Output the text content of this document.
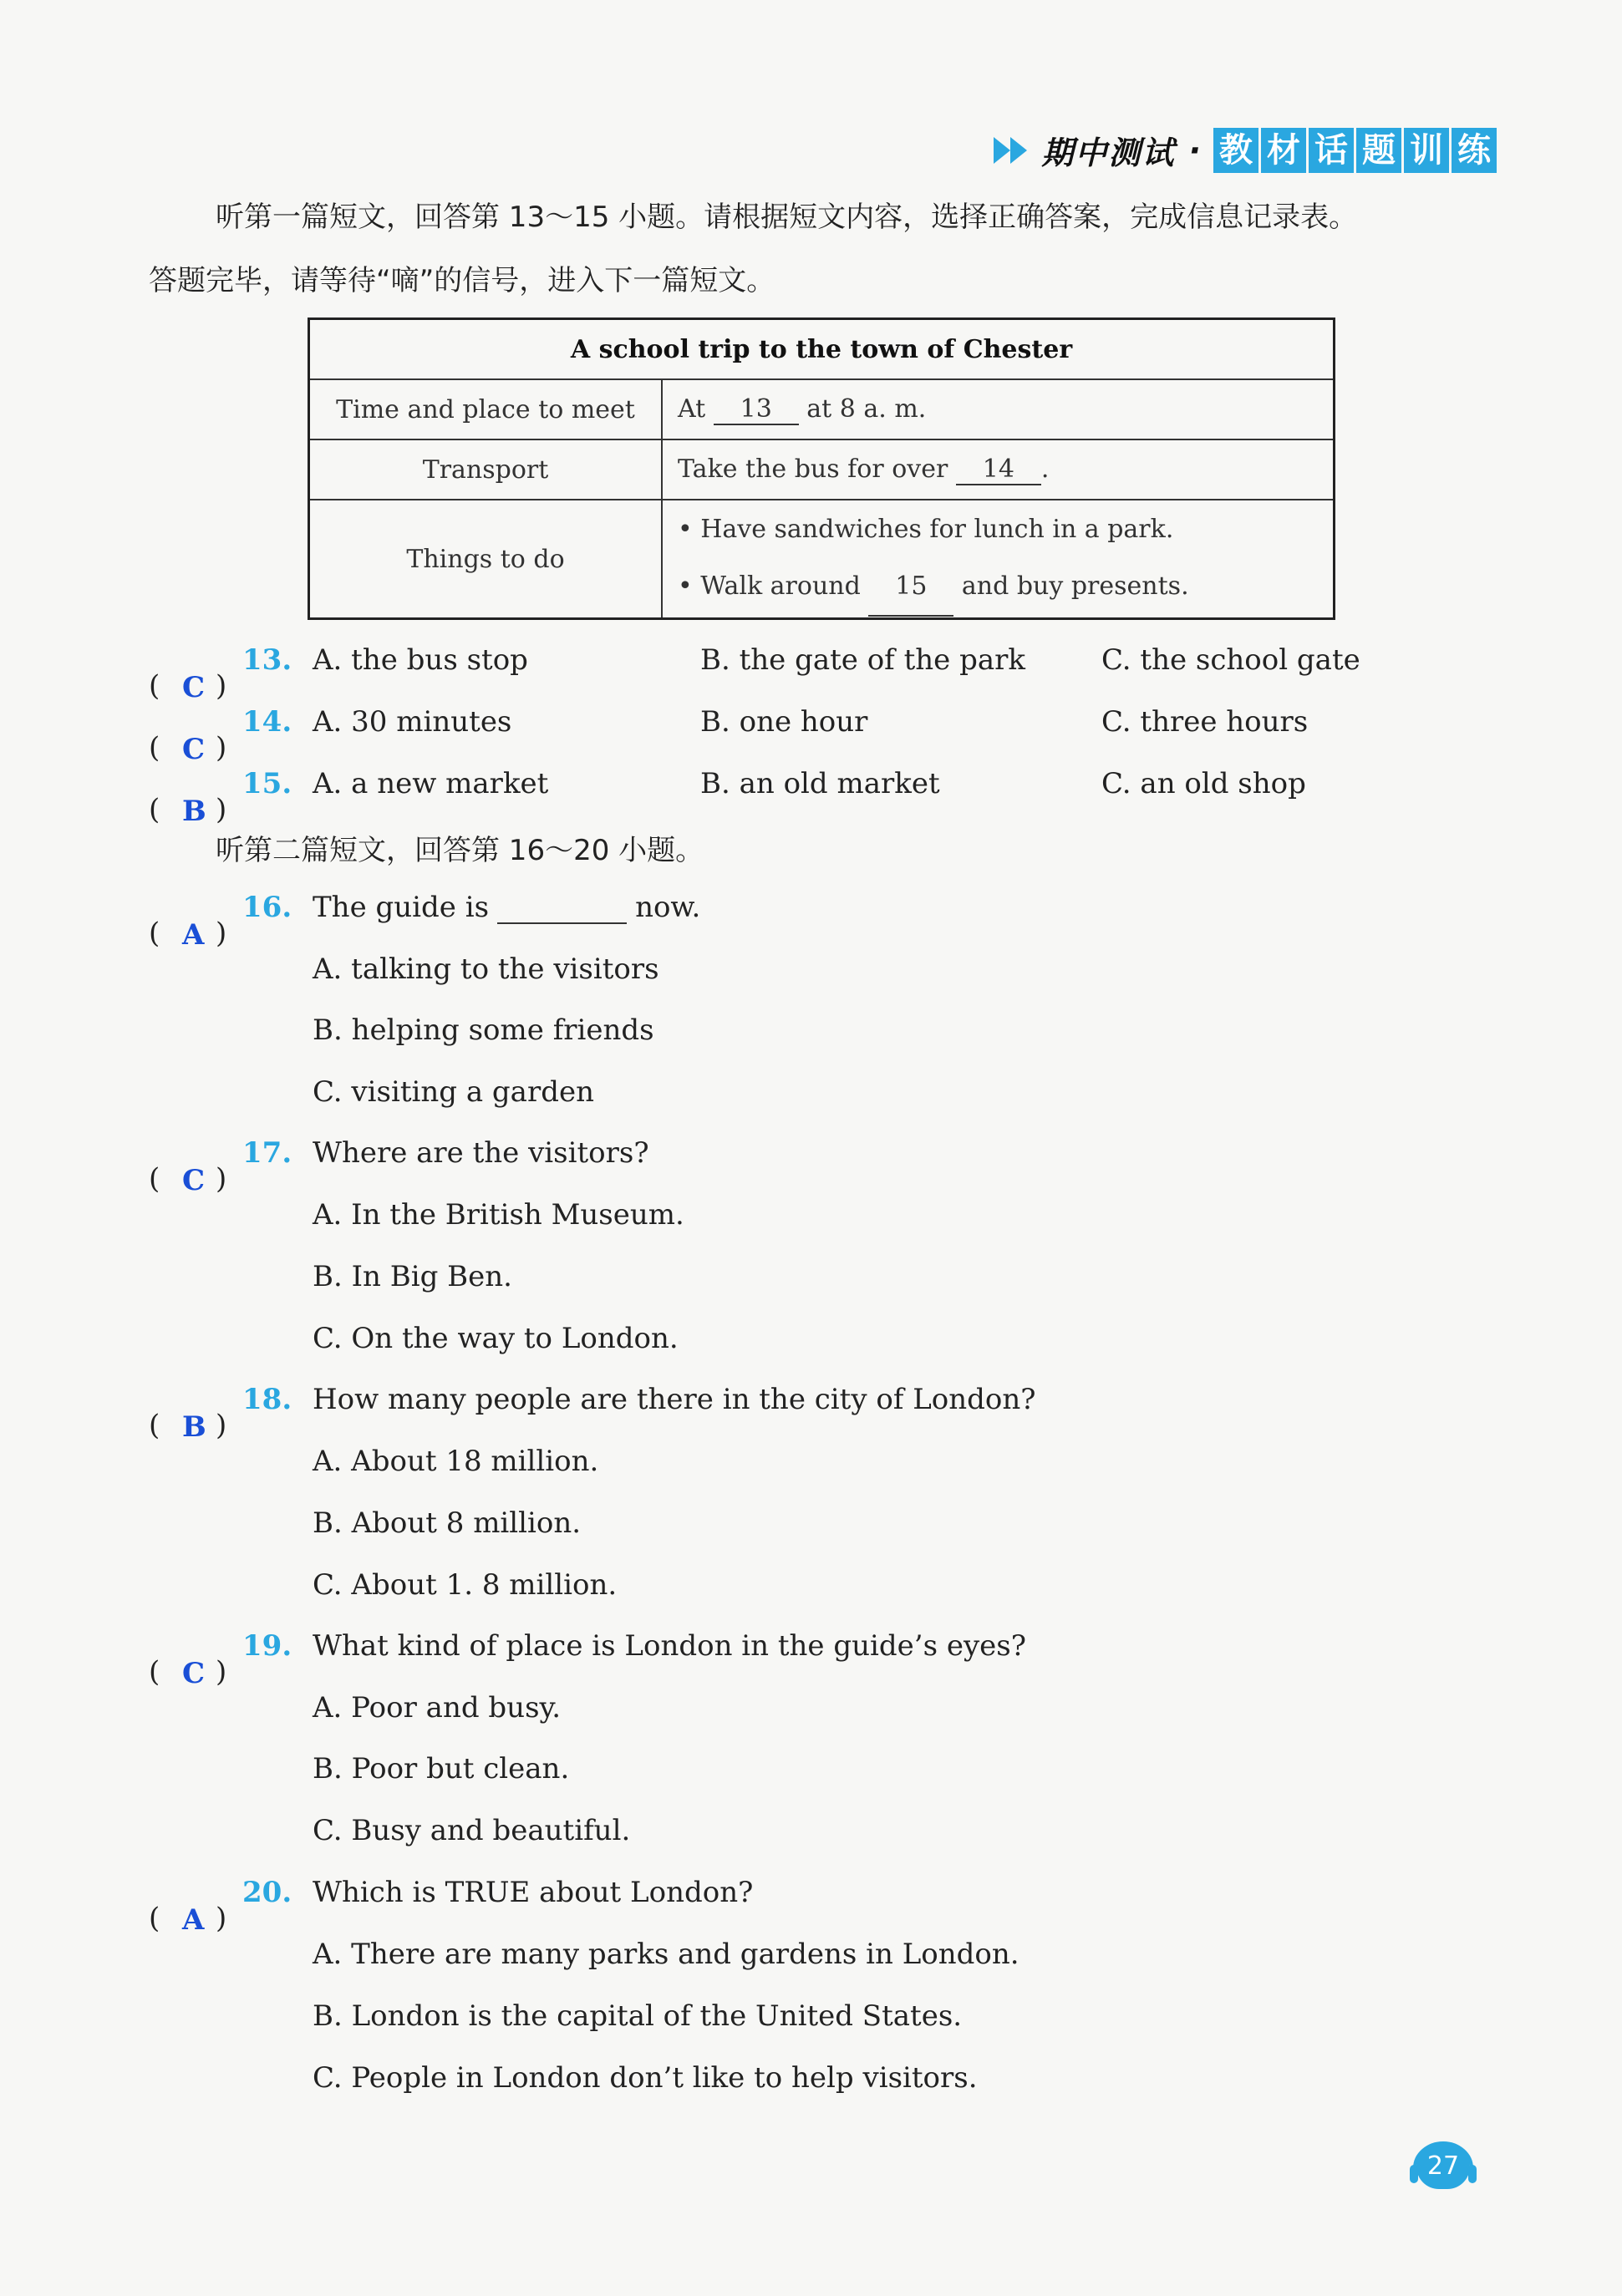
期中测试 · 教 材 话 题 训 练
听第一篇短文，回答第 13～15 小题。请根据短文内容，选择正确答案，完成信息记录表。
答题完毕，请等待“嘀”的信号，进入下一篇短文。
A school trip to the town of Chester	
Time and place to meet	At 13 at 8 a. m.
Transport	Take the bus for over 14 .
Things to do	• Have sandwiches for lunch in a park.
• Walk around 15 and buy presents.
( C )
13. A. the bus stop	B. the gate of the park	C. the school gate
( C )
14. A. 30 minutes	B. one hour	C. three hours
( B )
15. A. a new market	B. an old market	C. an old shop
听第二篇短文，回答第 16～20 小题。
( A )
16. The guide is	now.
A. talking to the visitors
B. helping some friends
C. visiting a garden
( C )
17. Where are the visitors?
A. In the British Museum.
B. In Big Ben.
C. On the way to London.
( B )
18. How many people are there in the city of London?
A. About 18 million.
B. About 8 million.
C. About 1. 8 million.
( C )
19. What kind of place is London in the guide’s eyes?
A. Poor and busy.
B. Poor but clean.
C. Busy and beautiful.
( A )
20. Which is TRUE about London?
A. There are many parks and gardens in London.
B. London is the capital of the United States.
C. People in London don’t like to help visitors.
27
